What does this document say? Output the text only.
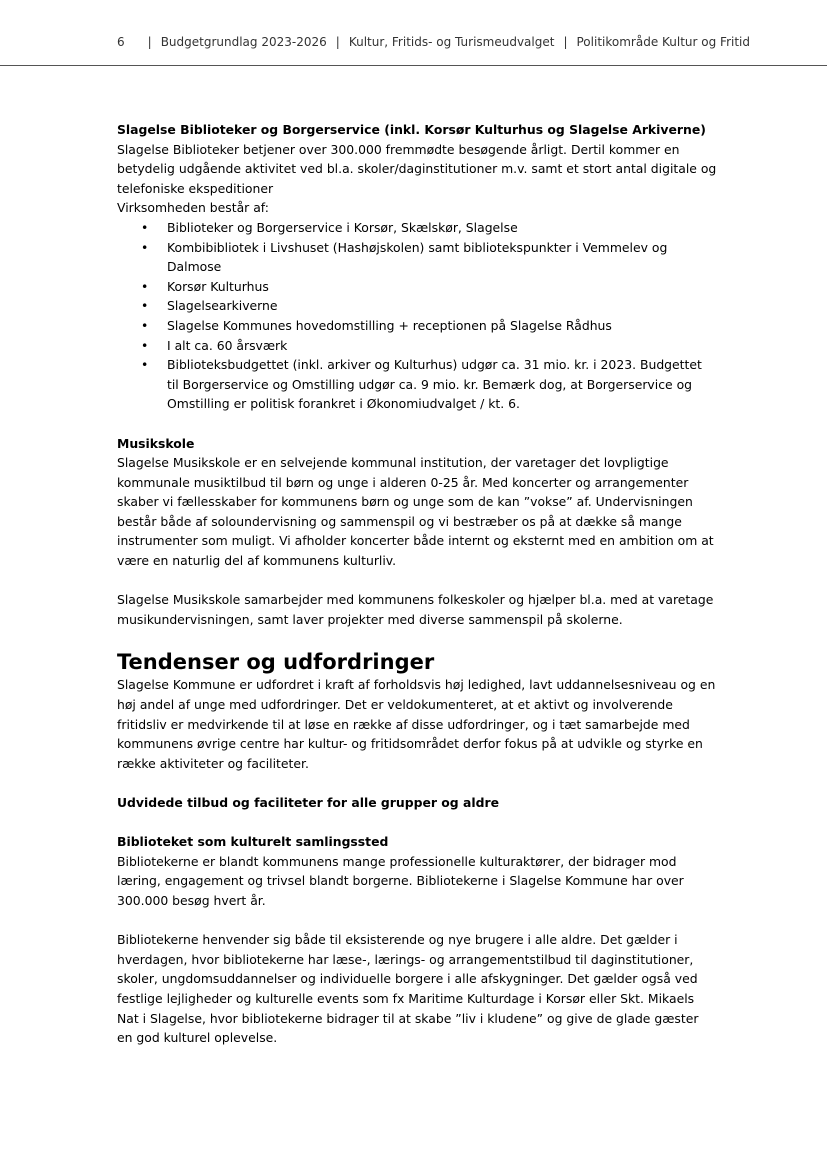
6 | Budgetgrundlag 2023-2026 | Kultur, Fritids- og Turismeudvalget | Politikområde Kultur og Fritid

Slagelse Biblioteker og Borgerservice (inkl. Korsør Kulturhus og Slagelse Arkiverne)

Slagelse Biblioteker betjener over 300.000 fremmødte besøgende årligt. Dertil kommer en betydelig udgående aktivitet ved bl.a. skoler/daginstitutioner m.v. samt et stort antal digitale og telefoniske ekspeditioner

Virksomheden består af:

• Biblioteker og Borgerservice i Korsør, Skælskør, Slagelse
• Kombibibliotek i Livshuset (Hashøjskolen) samt bibliotekspunkter i Vemmelev og Dalmose
• Korsør Kulturhus
• Slagelsearkiverne
• Slagelse Kommunes hovedomstilling + receptionen på Slagelse Rådhus
• I alt ca. 60 årsværk
• Biblioteksbudgettet (inkl. arkiver og Kulturhus) udgør ca. 31 mio. kr. i 2023. Budgettet til Borgerservice og Omstilling udgør ca. 9 mio. kr. Bemærk dog, at Borgerservice og Omstilling er politisk forankret i Økonomiudvalget / kt. 6.

Musikskole

Slagelse Musikskole er en selvejende kommunal institution, der varetager det lovpligtige kommunale musiktilbud til børn og unge i alderen 0-25 år. Med koncerter og arrangementer skaber vi fællesskaber for kommunens børn og unge som de kan ”vokse” af. Undervisningen består både af soloundervisning og sammenspil og vi bestræber os på at dække så mange instrumenter som muligt. Vi afholder koncerter både internt og eksternt med en ambition om at være en naturlig del af kommunens kulturliv.

Slagelse Musikskole samarbejder med kommunens folkeskoler og hjælper bl.a. med at varetage musikundervisningen, samt laver projekter med diverse sammenspil på skolerne.

Tendenser og udfordringer

Slagelse Kommune er udfordret i kraft af forholdsvis høj ledighed, lavt uddannelsesniveau og en høj andel af unge med udfordringer. Det er veldokumenteret, at et aktivt og involverende fritidsliv er medvirkende til at løse en række af disse udfordringer, og i tæt samarbejde med kommunens øvrige centre har kultur- og fritidsområdet derfor fokus på at udvikle og styrke en række aktiviteter og faciliteter.

Udvidede tilbud og faciliteter for alle grupper og aldre

Biblioteket som kulturelt samlingssted

Bibliotekerne er blandt kommunens mange professionelle kulturaktører, der bidrager mod læring, engagement og trivsel blandt borgerne. Bibliotekerne i Slagelse Kommune har over 300.000 besøg hvert år.

Bibliotekerne henvender sig både til eksisterende og nye brugere i alle aldre. Det gælder i hverdagen, hvor bibliotekerne har læse-, lærings- og arrangementstilbud til daginstitutioner, skoler, ungdomsuddannelser og individuelle borgere i alle afskygninger. Det gælder også ved festlige lejligheder og kulturelle events som fx Maritime Kulturdage i Korsør eller Skt. Mikaels Nat i Slagelse, hvor bibliotekerne bidrager til at skabe ”liv i kludene” og give de glade gæster en god kulturel oplevelse.
